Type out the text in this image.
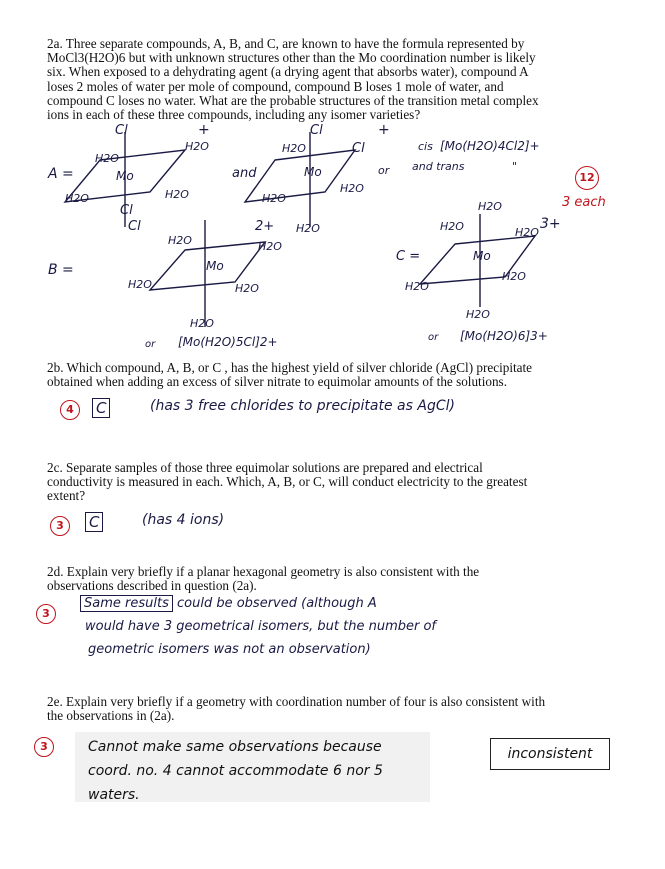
2a. Three separate compounds, A, B, and C, are known to have the formula represented by
MoCl3(H2O)6 but with unknown structures other than the Mo coordination number is likely
six. When exposed to a dehydrating agent (a drying agent that absorbs water), compound A
loses 2 moles of water per mole of compound, compound B loses 1 mole of water, and
compound C loses no water. What are the probable structures of the transition metal complex
ions in each of these three compounds, including any isomer varieties?
Cl	+
H2O
H2O
Mo
H2O	H2O
Cl
and
Cl	+
H2O	Cl
Mo
H2O
H2O
H2O
or
cis [Mo(H2O)4Cl2]+
and trans	"
Cl
2+
H2O	H2O
Mo
H2O	H2O
H2O
or [Mo(H2O)5Cl]2+
C =
H2O
3+
H2O	H2O
Mo
H2O
H2O
H2O
or [Mo(H2O)6]3+
A =
B =
12
3 each
2b. Which compound, A, B, or C , has the highest yield of silver chloride (AgCl) precipitate
obtained when adding an excess of silver nitrate to equimolar amounts of the solutions.
4	C	(has 3 free chlorides to precipitate as AgCl)
2c. Separate samples of those three equimolar solutions are prepared and electrical
conductivity is measured in each. Which, A, B, or C, will conduct electricity to the greatest
extent?
3	C	(has 4 ions)
2d. Explain very briefly if a planar hexagonal geometry is also consistent with the
observations described in question (2a).
3
Same results could be observed (although A
would have 3 geometrical isomers, but the number of
geometric isomers was not an observation)
2e. Explain very briefly if a geometry with coordination number of four is also consistent with
the observations in (2a).
3	Cannot make same observations because
coord. no. 4 cannot accommodate 6 nor 5
waters.
inconsistent
